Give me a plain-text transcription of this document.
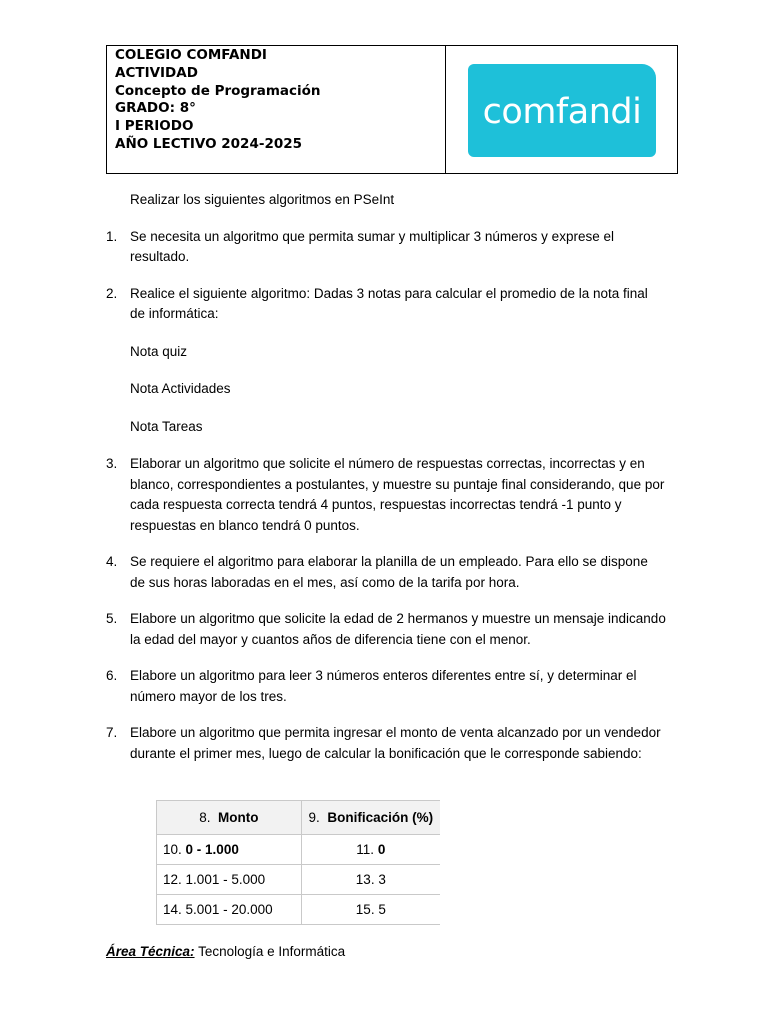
COLEGIO COMFANDI
ACTIVIDAD
Concepto de Programación
GRADO: 8°
I PERIODO
AÑO LECTIVO 2024-2025
comfandi
Realizar los siguientes algoritmos en PSeInt
1. Se necesita un algoritmo que permita sumar y multiplicar 3 números y exprese el resultado.
2. Realice el siguiente algoritmo: Dadas 3 notas para calcular el promedio de la nota final de informática:
Nota quiz
Nota Actividades
Nota Tareas
3. Elaborar un algoritmo que solicite el número de respuestas correctas, incorrectas y en blanco, correspondientes a postulantes, y muestre su puntaje final considerando, que por cada respuesta correcta tendrá 4 puntos, respuestas incorrectas tendrá -1 punto y respuestas en blanco tendrá 0 puntos.
4. Se requiere el algoritmo para elaborar la planilla de un empleado. Para ello se dispone de sus horas laboradas en el mes, así como de la tarifa por hora.
5. Elabore un algoritmo que solicite la edad de 2 hermanos y muestre un mensaje indicando la edad del mayor y cuantos años de diferencia tiene con el menor.
6. Elabore un algoritmo para leer 3 números enteros diferentes entre sí, y determinar el número mayor de los tres.
7. Elabore un algoritmo que permita ingresar el monto de venta alcanzado por un vendedor durante el primer mes, luego de calcular la bonificación que le corresponde sabiendo:
8. Monto	9. Bonificación (%)
10. 0 - 1.000	11. 0
12. 1.001 - 5.000	13. 3
14. 5.001 - 20.000	15. 5
Área Técnica: Tecnología e Informática
